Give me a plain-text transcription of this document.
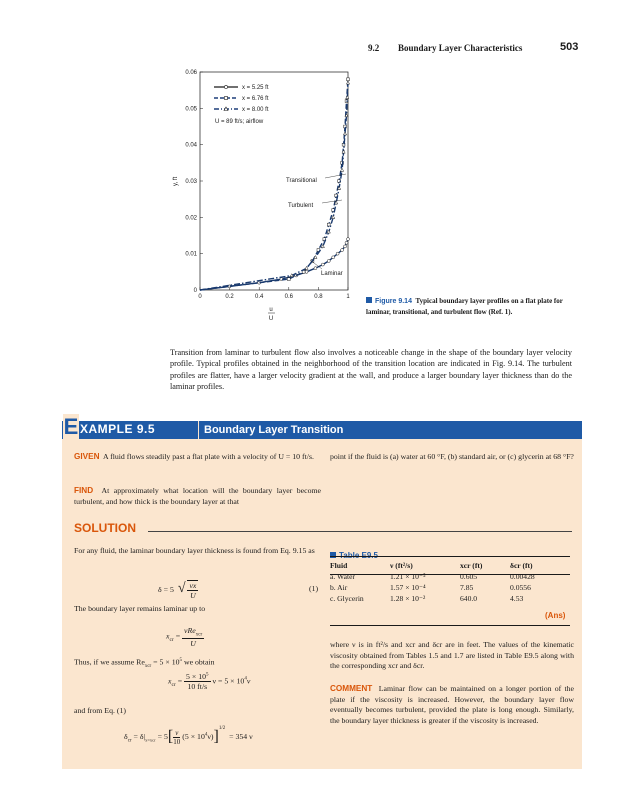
9.2 Boundary Layer Characteristics	503
0
0.01
0.02
0.03
0.04
0.05
0.06
0	0.2	0.4	0.6	0.8	1
x = 5.25 ft
x = 6.76 ft
x = 8.00 ft
U = 89 ft/s; airflow
Transitional
Turbulent
Laminar
y, ft
u
U
Figure 9.14 Typical boundary layer profiles on a flat plate for laminar, transitional, and turbulent flow (Ref. 1).
Transition from laminar to turbulent flow also involves a noticeable change in the shape of the boundary layer velocity profile. Typical profiles obtained in the neighborhood of the transition location are indicated in Fig. 9.14. The turbulent profiles are flatter, have a larger velocity gradient at the wall, and produce a larger boundary layer thickness than do the laminar profiles.
E XAMPLE 9.5	Boundary Layer Transition
GIVEN A fluid flows steadily past a flat plate with a velocity of U = 10 ft/s.	point if the fluid is (a) water at 60 °F, (b) standard air, or (c) glycerin at 68 °F?
FIND At approximately what location will the boundary layer become turbulent, and how thick is the boundary layer at that
SOLUTION
For any fluid, the laminar boundary layer thickness is found from Eq. 9.15 as
δ = 5 √ $\frac{\nu x}{U}$	(1)
The boundary layer remains laminar up to
$x_{cr}$ =
νRe$_{xcr}$
U
Thus, if we assume $Re_{xcr} = 5 \times 10^5$ we obtain
$x_{cr} = \frac{5 \times 10^5}{10 ft/s}$ $\nu = 5 \times 10^4\nu$
and from Eq. (1)
$\delta_{cr} = \delta|_{x=xcr} = 5[ \frac{\nu}{10} (5 \times 10^4\nu)]^{1/2} = 354$ ν
Table E9.5
Fluid	ν (ft²/s)	xcr (ft)	δcr (ft)
a. Water	1.21 × 10⁻⁵	0.605	0.00428
b. Air	1.57 × 10⁻⁴	7.85	0.0556
c. Glycerin	1.28 × 10⁻²	640.0	4.53
(Ans)
where ν is in ft²/s and xcr and δcr are in feet. The values of the kinematic viscosity obtained from Tables 1.5 and 1.7 are listed in Table E9.5 along with the corresponding xcr and δcr.
COMMENT Laminar flow can be maintained on a longer portion of the plate if the viscosity is increased. However, the boundary layer flow eventually becomes turbulent, provided the plate is long enough. Similarly, the boundary layer thickness is greater if the viscosity is increased.
